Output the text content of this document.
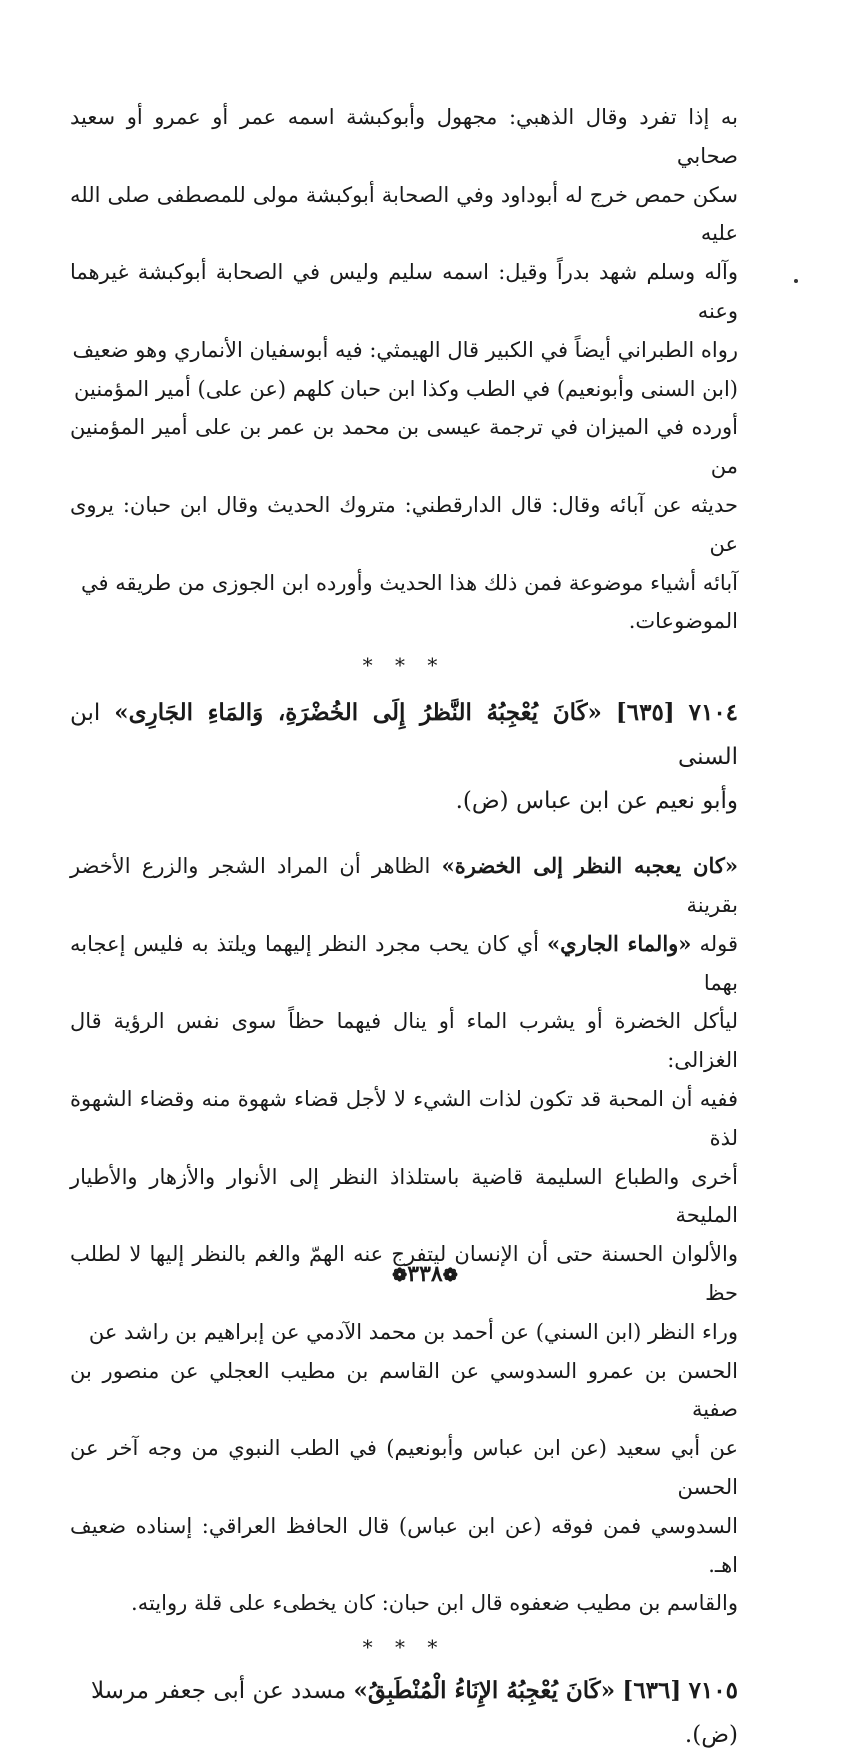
به إذا تفرد وقال الذهبي: مجهول وأبوكبشة اسمه عمر أو عمرو أو سعيد صحابي

سكن حمص خرج له أبوداود وفي الصحابة أبوكبشة مولى للمصطفى صلى الله عليه

وآله وسلم شهد بدراً وقيل: اسمه سليم وليس في الصحابة أبوكبشة غيرهما وعنه

رواه الطبراني أيضاً في الكبير قال الهيمثي: فيه أبوسفيان الأنماري وهو ضعيف

(ابن السنى وأبونعيم) في الطب وكذا ابن حبان كلهم (عن على) أمير المؤمنين

أورده في الميزان في ترجمة عيسى بن محمد بن عمر بن على أمير المؤمنين من

حديثه عن آبائه وقال: قال الدارقطني: متروك الحديث وقال ابن حبان: يروى عن

آبائه أشياء موضوعة فمن ذلك هذا الحديث وأورده ابن الجوزى من طريقه في

الموضوعات.

* * *

٧١٠٤ [٦٣٥] «كَانَ يُعْجِبُهُ النَّظرُ إِلَى الخُضْرَةِ، وَالمَاءِ الجَارِى» ابن السنى

وأبو نعيم عن ابن عباس (ض).

«كان يعجبه النظر إلى الخضرة» الظاهر أن المراد الشجر والزرع الأخضر بقرينة

قوله «والماء الجاري» أي كان يحب مجرد النظر إليهما ويلتذ به فليس إعجابه بهما

ليأكل الخضرة أو يشرب الماء أو ينال فيهما حظاً سوى نفس الرؤية قال الغزالى:

ففيه أن المحبة قد تكون لذات الشيء لا لأجل قضاء شهوة منه وقضاء الشهوة لذة

أخرى والطباع السليمة قاضية باستلذاذ النظر إلى الأنوار والأزهار والأطيار المليحة

والألوان الحسنة حتى أن الإنسان ليتفرج عنه الهمّ والغم بالنظر إليها لا لطلب حظ

وراء النظر (ابن السني) عن أحمد بن محمد الآدمي عن إبراهيم بن راشد عن

الحسن بن عمرو السدوسي عن القاسم بن مطيب العجلي عن منصور بن صفية

عن أبي سعيد (عن ابن عباس وأبونعيم) في الطب النبوي من وجه آخر عن الحسن

السدوسي فمن فوقه (عن ابن عباس) قال الحافظ العراقي: إسناده ضعيف اهـ.

والقاسم بن مطيب ضعفوه قال ابن حبان: كان يخطىء على قلة روايته.

* * *

٧١٠٥ [٦٣٦] «كَانَ يُعْجِبُهُ الإِنَاءُ الْمُنْطَبِقُ» مسدد عن أبى جعفر مرسلا

(ض).

❁٣٣٨❁
